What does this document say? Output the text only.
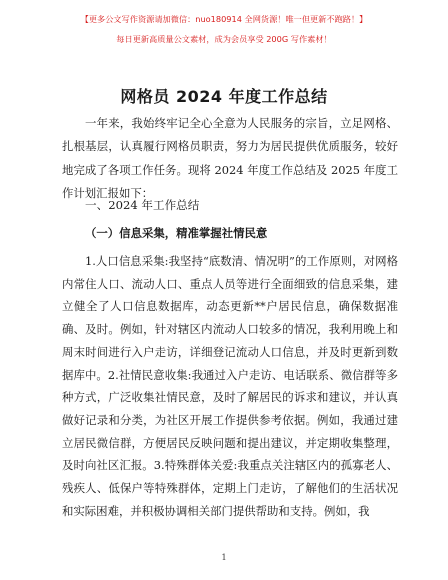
【更多公文写作资源请加微信：nuo180914 全网货源！唯一但更新不跑路！】
每日更新高质量公文素材，成为会员享受 200G 写作素材！
网格员 2024 年度工作总结
一年来，我始终牢记全心全意为人民服务的宗旨，立足网格、扎根基层，认真履行网格员职责，努力为居民提供优质服务，较好地完成了各项工作任务。现将 2024 年度工作总结及 2025 年度工作计划汇报如下：
一、2024 年工作总结
（一）信息采集，精准掌握社情民意
1.人口信息采集:我坚持“底数清、情况明”的工作原则，对网格内常住人口、流动人口、重点人员等进行全面细致的信息采集，建立健全了人口信息数据库，动态更新**户居民信息，确保数据准确、及时。例如，针对辖区内流动人口较多的情况，我利用晚上和周末时间进行入户走访，详细登记流动人口信息，并及时更新到数据库中。2.社情民意收集:我通过入户走访、电话联系、微信群等多种方式，广泛收集社情民意，及时了解居民的诉求和建议，并认真做好记录和分类，为社区开展工作提供参考依据。例如，我通过建立居民微信群，方便居民反映问题和提出建议，并定期收集整理，及时向社区汇报。3.特殊群体关爱:我重点关注辖区内的孤寡老人、残疾人、低保户等特殊群体，定期上门走访，了解他们的生活状况和实际困难，并积极协调相关部门提供帮助和支持。例如，我
1
